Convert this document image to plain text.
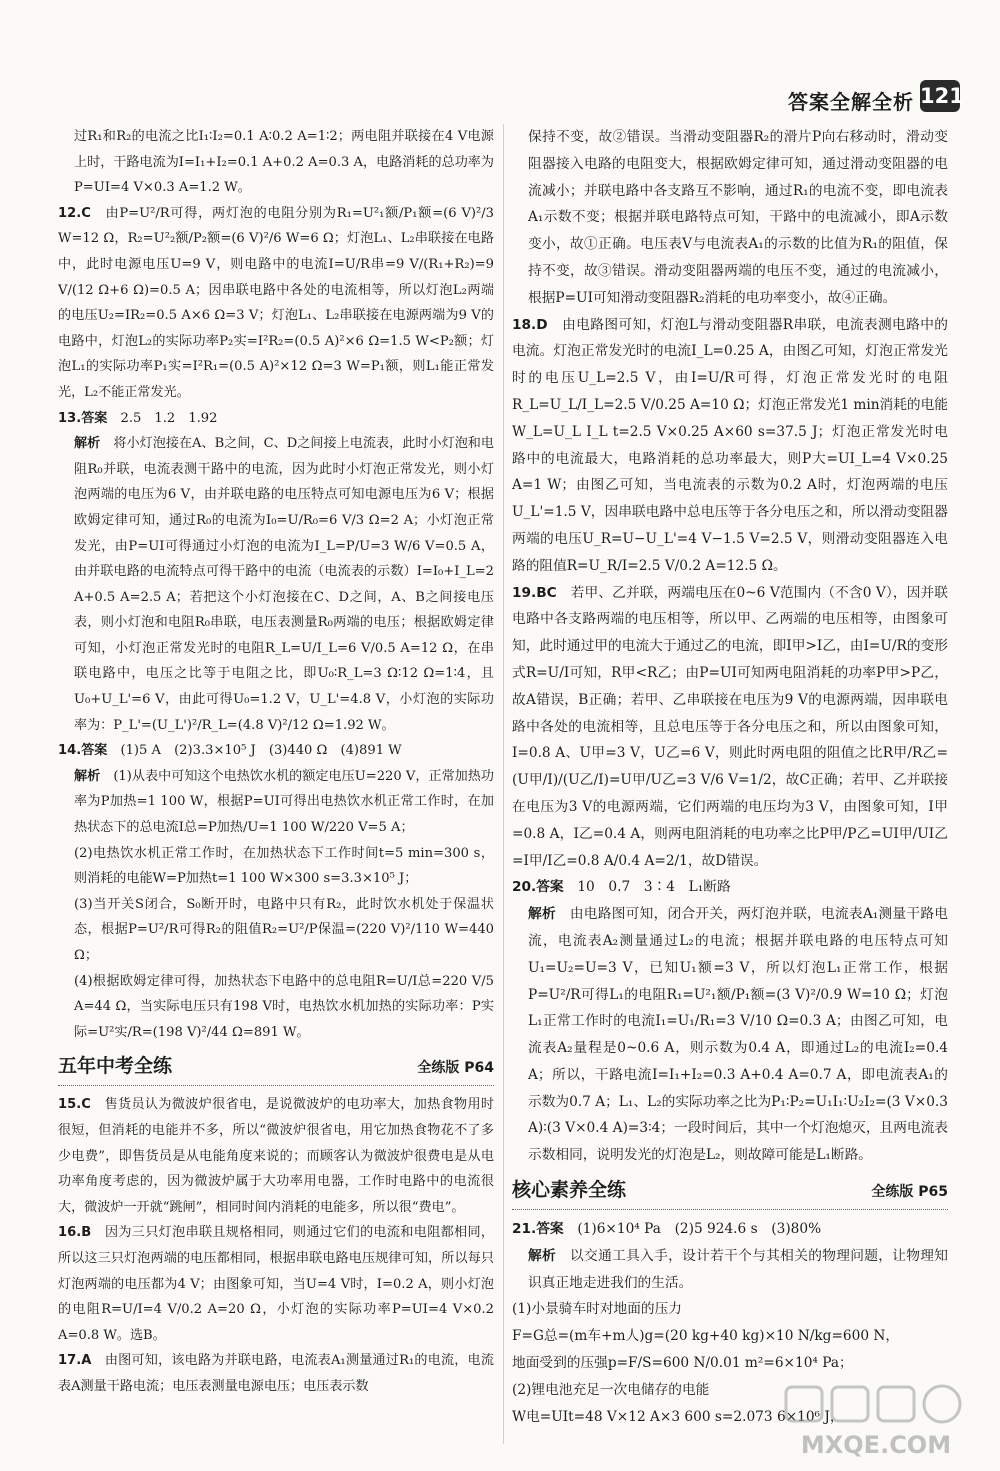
答案全解全析 121

过R₁和R₂的电流之比I₁∶I₂=0.1 A∶0.2 A=1∶2；两电阻并联接在4 V电源上时，干路电流为I=I₁+I₂=0.1 A+0.2 A=0.3 A，电路消耗的总功率为P=UI=4 V×0.3 A=1.2 W。

12.C　 由P=U²/R可得，两灯泡的电阻分别为R₁=U²₁额/P₁额=(6 V)²/3 W=12 Ω，R₂=U²₂额/P₂额=(6 V)²/6 W=6 Ω；灯泡L₁、L₂串联接在电路中，此时电源电压U=9 V，则电路中的电流I=U/R串=9 V/(R₁+R₂)=9 V/(12 Ω+6 Ω)=0.5 A；因串联电路中各处的电流相等，所以灯泡L₂两端的电压U₂=IR₂=0.5 A×6 Ω=3 V；灯泡L₁、L₂串联接在电源两端为9 V的电路中，灯泡L₂的实际功率P₂实=I²R₂=(0.5 A)²×6 Ω=1.5 W<P₂额；灯泡L₁的实际功率P₁实=I²R₁=(0.5 A)²×12 Ω=3 W=P₁额，则L₁能正常发光，L₂不能正常发光。

13.答案　 2.5　1.2　1.92

解析　 将小灯泡接在A、B之间，C、D之间接上电流表，此时小灯泡和电阻R₀并联，电流表测干路中的电流，因为此时小灯泡正常发光，则小灯泡两端的电压为6 V，由并联电路的电压特点可知电源电压为6 V；根据欧姆定律可知，通过R₀的电流为I₀=U/R₀=6 V/3 Ω=2 A；小灯泡正常发光，由P=UI可得通过小灯泡的电流为I_L=P/U=3 W/6 V=0.5 A，由并联电路的电流特点可得干路中的电流（电流表的示数）I=I₀+I_L=2 A+0.5 A=2.5 A；若把这个小灯泡接在C、D之间，A、B之间接电压表，则小灯泡和电阻R₀串联，电压表测量R₀两端的电压；根据欧姆定律可知，小灯泡正常发光时的电阻R_L=U/I_L=6 V/0.5 A=12 Ω，在串联电路中，电压之比等于电阻之比，即U₀∶R_L=3 Ω∶12 Ω=1∶4，且U₀+U_L'=6 V，由此可得U₀=1.2 V，U_L'=4.8 V，小灯泡的实际功率为：P_L'=(U_L')²/R_L=(4.8 V)²/12 Ω=1.92 W。

14.答案　 (1)5 A　(2)3.3×10⁵ J　(3)440 Ω　(4)891 W

解析　 (1)从表中可知这个电热饮水机的额定电压U=220 V，正常加热功率为P加热=1 100 W，根据P=UI可得出电热饮水机正常工作时，在加热状态下的总电流I总=P加热/U=1 100 W/220 V=5 A；

(2)电热饮水机正常工作时，在加热状态下工作时间t=5 min=300 s，则消耗的电能W=P加热t=1 100 W×300 s=3.3×10⁵ J；

(3)当开关S闭合，S₀断开时，电路中只有R₂，此时饮水机处于保温状态，根据P=U²/R可得R₂的阻值R₂=U²/P保温=(220 V)²/110 W=440 Ω；

(4)根据欧姆定律可得，加热状态下电路中的总电阻R=U/I总=220 V/5 A=44 Ω，当实际电压只有198 V时，电热饮水机加热的实际功率：P实际=U²实/R=(198 V)²/44 Ω=891 W。

五年中考全练	全练版 P64

15.C　 售货员认为微波炉很省电，是说微波炉的电功率大，加热食物用时很短，但消耗的电能并不多，所以“微波炉很省电，用它加热食物花不了多少电费”，即售货员是从电能角度来说的；而顾客认为微波炉很费电是从电功率角度考虑的，因为微波炉属于大功率用电器，工作时电路中的电流很大，微波炉一开就“跳闸”，相同时间内消耗的电能多，所以很“费电”。

16.B　 因为三只灯泡串联且规格相同，则通过它们的电流和电阻都相同，所以这三只灯泡两端的电压都相同，根据串联电路电压规律可知，所以每只灯泡两端的电压都为4 V；由图象可知，当U=4 V时，I=0.2 A，则小灯泡的电阻R=U/I=4 V/0.2 A=20 Ω，小灯泡的实际功率P=UI=4 V×0.2 A=0.8 W。选B。

17.A　 由图可知，该电路为并联电路，电流表A₁测量通过R₁的电流，电流表A测量干路电流；电压表测量电源电压；电压表示数

保持不变，故②错误。当滑动变阻器R₂的滑片P向右移动时，滑动变阻器接入电路的电阻变大，根据欧姆定律可知，通过滑动变阻器的电流减小；并联电路中各支路互不影响，通过R₁的电流不变，即电流表A₁示数不变；根据并联电路特点可知，干路中的电流减小，即A示数变小，故①正确。电压表V与电流表A₁的示数的比值为R₁的阻值，保持不变，故③错误。滑动变阻器两端的电压不变，通过的电流减小，根据P=UI可知滑动变阻器R₂消耗的电功率变小，故④正确。

18.D　 由电路图可知，灯泡L与滑动变阻器R串联，电流表测电路中的电流。灯泡正常发光时的电流I_L=0.25 A，由图乙可知，灯泡正常发光时的电压U_L=2.5 V，由I=U/R可得，灯泡正常发光时的电阻R_L=U_L/I_L=2.5 V/0.25 A=10 Ω；灯泡正常发光1 min消耗的电能W_L=U_L I_L t=2.5 V×0.25 A×60 s=37.5 J；灯泡正常发光时电路中的电流最大，电路消耗的总功率最大，则P大=UI_L=4 V×0.25 A=1 W；由图乙可知，当电流表的示数为0.2 A时，灯泡两端的电压U_L'=1.5 V，因串联电路中总电压等于各分电压之和，所以滑动变阻器两端的电压U_R=U−U_L'=4 V−1.5 V=2.5 V，则滑动变阻器连入电路的阻值R=U_R/I=2.5 V/0.2 A=12.5 Ω。

19.BC　 若甲、乙并联，两端电压在0~6 V范围内（不含0 V），因并联电路中各支路两端的电压相等，所以甲、乙两端的电压相等，由图象可知，此时通过甲的电流大于通过乙的电流，即I甲>I乙，由I=U/R的变形式R=U/I可知，R甲<R乙；由P=UI可知两电阻消耗的功率P甲>P乙，故A错误，B正确；若甲、乙串联接在电压为9 V的电源两端，因串联电路中各处的电流相等，且总电压等于各分电压之和，所以由图象可知，I=0.8 A、U甲=3 V，U乙=6 V，则此时两电阻的阻值之比R甲/R乙=(U甲/I)/(U乙/I)=U甲/U乙=3 V/6 V=1/2，故C正确；若甲、乙并联接在电压为3 V的电源两端，它们两端的电压均为3 V，由图象可知，I甲=0.8 A，I乙=0.4 A，则两电阻消耗的电功率之比P甲/P乙=UI甲/UI乙=I甲/I乙=0.8 A/0.4 A=2/1，故D错误。

20.答案　 10　0.7　3∶4　L₁断路

解析　 由电路图可知，闭合开关，两灯泡并联，电流表A₁测量干路电流，电流表A₂测量通过L₂的电流；根据并联电路的电压特点可知U₁=U₂=U=3 V，已知U₁额=3 V，所以灯泡L₁正常工作，根据P=U²/R可得L₁的电阻R₁=U²₁额/P₁额=(3 V)²/0.9 W=10 Ω；灯泡L₁正常工作时的电流I₁=U₁/R₁=3 V/10 Ω=0.3 A；由图乙可知，电流表A₂量程是0~0.6 A，则示数为0.4 A，即通过L₂的电流I₂=0.4 A；所以，干路电流I=I₁+I₂=0.3 A+0.4 A=0.7 A，即电流表A₁的示数为0.7 A；L₁、L₂的实际功率之比为P₁∶P₂=U₁I₁∶U₂I₂=(3 V×0.3 A)∶(3 V×0.4 A)=3∶4；一段时间后，其中一个灯泡熄灭，且两电流表示数相同，说明发光的灯泡是L₂，则故障可能是L₁断路。

核心素养全练	全练版 P65

21.答案　 (1)6×10⁴ Pa　(2)5 924.6 s　(3)80%

解析　 以交通工具入手，设计若干个与其相关的物理问题，让物理知识真正地走进我们的生活。

(1)小景骑车时对地面的压力

F=G总=(m车+m人)g=(20 kg+40 kg)×10 N/kg=600 N，

地面受到的压强p=F/S=600 N/0.01 m²=6×10⁴ Pa；

(2)锂电池充足一次电储存的电能

W电=UIt=48 V×12 A×3 600 s=2.073 6×10⁶ J，

MXQE.COM
